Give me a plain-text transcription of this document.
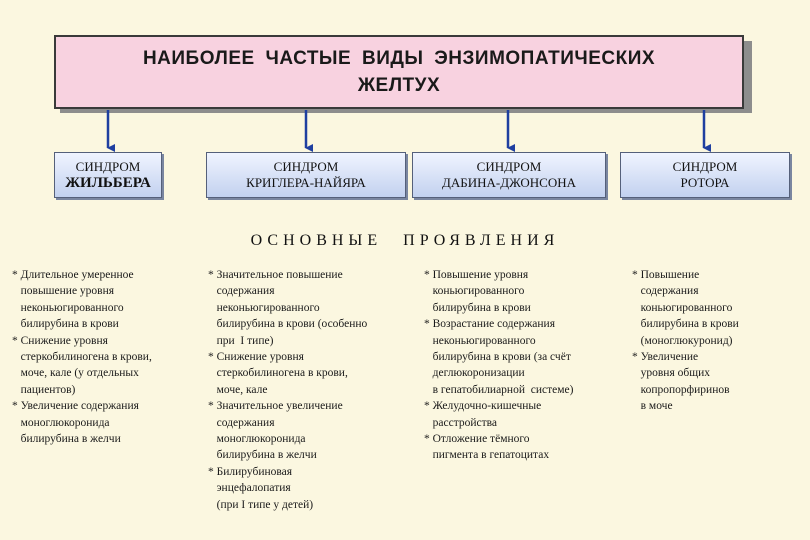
НАИБОЛЕЕ ЧАСТЫЕ ВИДЫ ЭНЗИМОПАТИЧЕСКИХ
ЖЕЛТУХ
СИНДРОМ
ЖИЛЬБЕРА
СИНДРОМ
КРИГЛЕРА-НАЙЯРА
СИНДРОМ
ДАБИНА-ДЖОНСОНА
СИНДРОМ
РОТОРА
ОСНОВНЫЕ ПРОЯВЛЕНИЯ
* Длительное умеренное
повышение уровня
неконьюгированного
билирубина в крови
* Снижение уровня
стеркобилиногена в крови,
моче, кале (у отдельных
пациентов)
* Увеличение содержания
моноглюкоронида
билирубина в желчи
* Значительное повышение
содержания
неконьюгированного
билирубина в крови (особенно
при  I типе)
* Снижение уровня
стеркобилиногена в крови,
моче, кале
* Значительное увеличение
содержания
моноглюкоронида
билирубина в желчи
* Билирубиновая
энцефалопатия
(при I типе у детей)
* Повышение уровня
коньюгированного
билирубина в крови
* Возрастание содержания
неконьюгированного
билирубина в крови (за счёт
деглюкоронизации
в гепатобилиарной  системе)
* Желудочно-кишечные
расстройства
* Отложение тёмного
пигмента в гепатоцитах
* Повышение
содержания
коньюгированного
билирубина в крови
(моноглюкуронид)
* Увеличение
уровня общих
копропорфиринов
в моче
